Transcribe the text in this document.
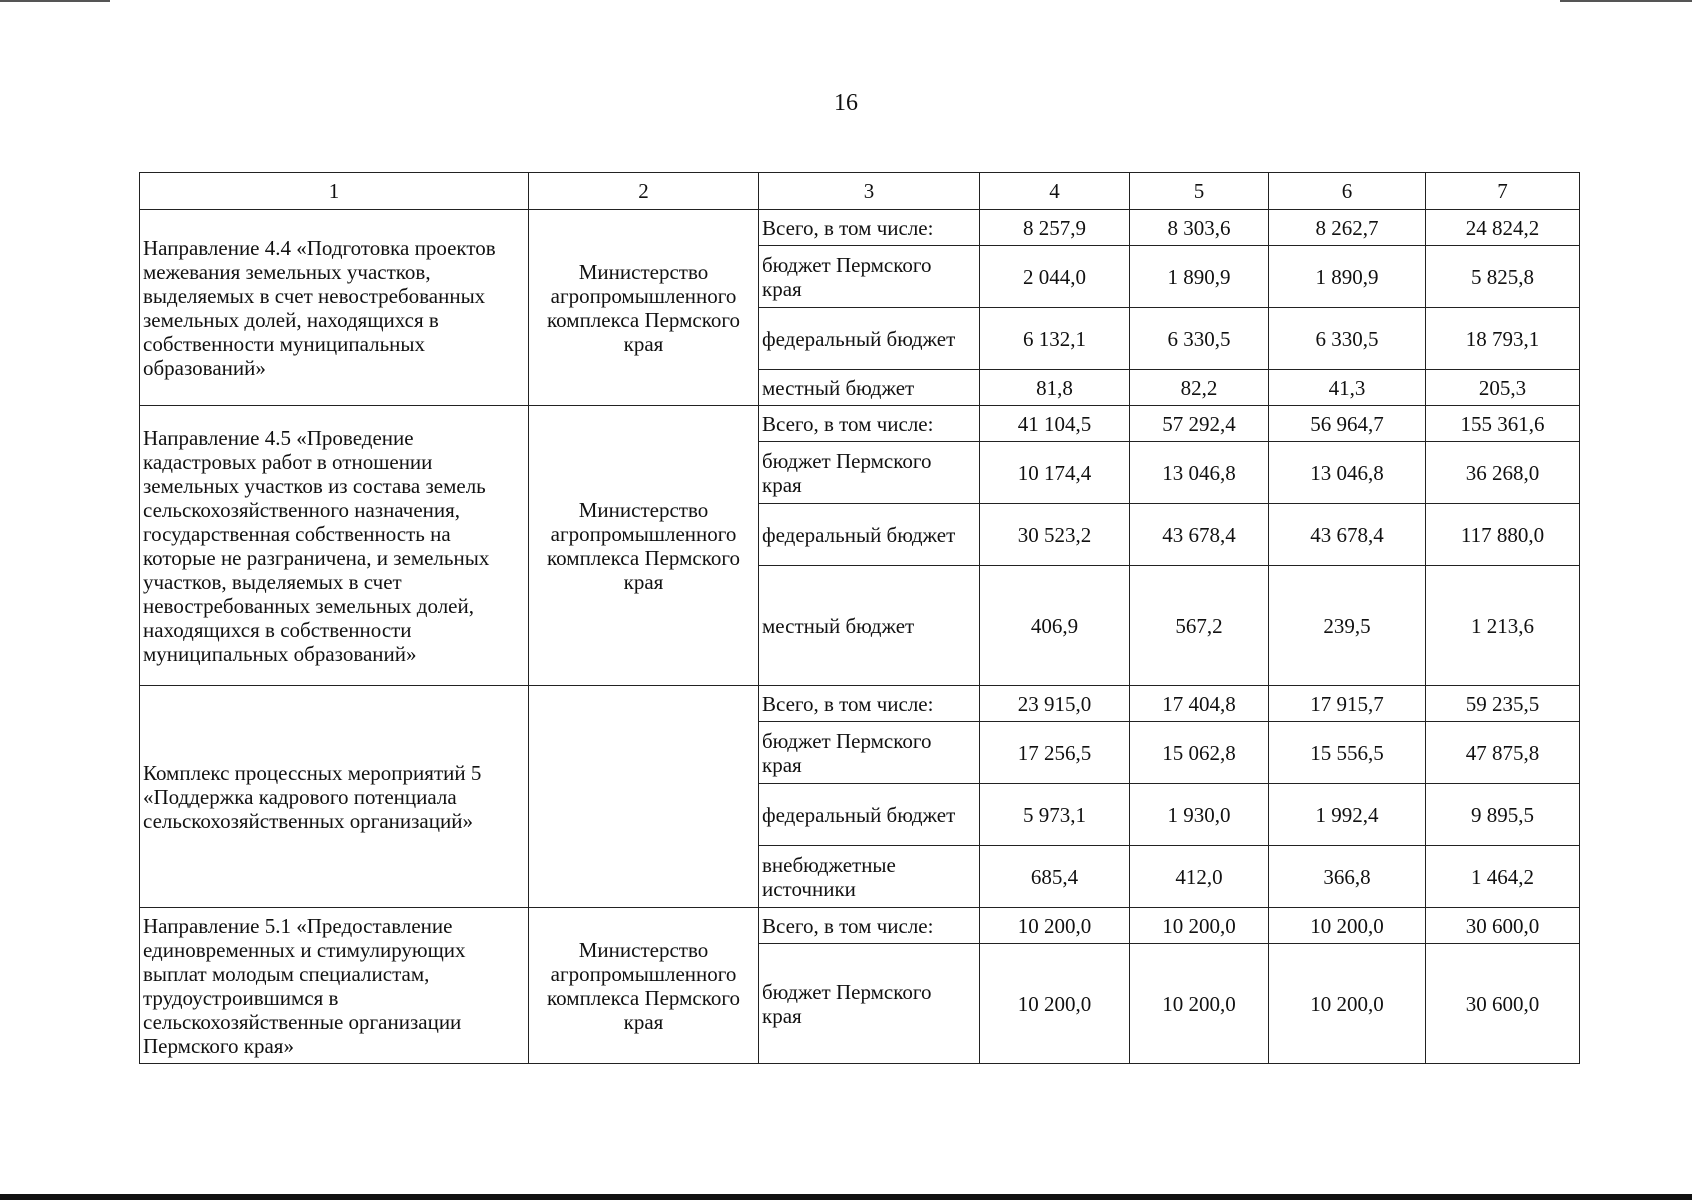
16
1	2	3	4	5	6	7
Направление 4.4 «Подготовка проектов межевания земельных участков, выделяемых в счет невостребованных земельных долей, находящихся в собственности муниципальных образований»	Министерство агропромышленного комплекса Пермского края	Всего, в том числе:	8 257,9	8 303,6	8 262,7	24 824,2
		бюджет Пермского края	2 044,0	1 890,9	1 890,9	5 825,8
		федеральный бюджет	6 132,1	6 330,5	6 330,5	18 793,1
		местный бюджет	81,8	82,2	41,3	205,3
Направление 4.5 «Проведение кадастровых работ в отношении земельных участков из состава земель сельскохозяйственного назначения, государственная собственность на которые не разграничена, и земельных участков, выделяемых в счет невостребованных земельных долей, находящихся в собственности муниципальных образований»	Министерство агропромышленного комплекса Пермского края	Всего, в том числе:	41 104,5	57 292,4	56 964,7	155 361,6
		бюджет Пермского края	10 174,4	13 046,8	13 046,8	36 268,0
		федеральный бюджет	30 523,2	43 678,4	43 678,4	117 880,0
		местный бюджет	406,9	567,2	239,5	1 213,6
Комплекс процессных мероприятий 5 «Поддержка кадрового потенциала сельскохозяйственных организаций»		Всего, в том числе:	23 915,0	17 404,8	17 915,7	59 235,5
		бюджет Пермского края	17 256,5	15 062,8	15 556,5	47 875,8
		федеральный бюджет	5 973,1	1 930,0	1 992,4	9 895,5
		внебюджетные источники	685,4	412,0	366,8	1 464,2
Направление 5.1 «Предоставление единовременных и стимулирующих выплат молодым специалистам, трудоустроившимся в сельскохозяйственные организации Пермского края»	Министерство агропромышленного комплекса Пермского края	Всего, в том числе:	10 200,0	10 200,0	10 200,0	30 600,0
		бюджет Пермского края	10 200,0	10 200,0	10 200,0	30 600,0
